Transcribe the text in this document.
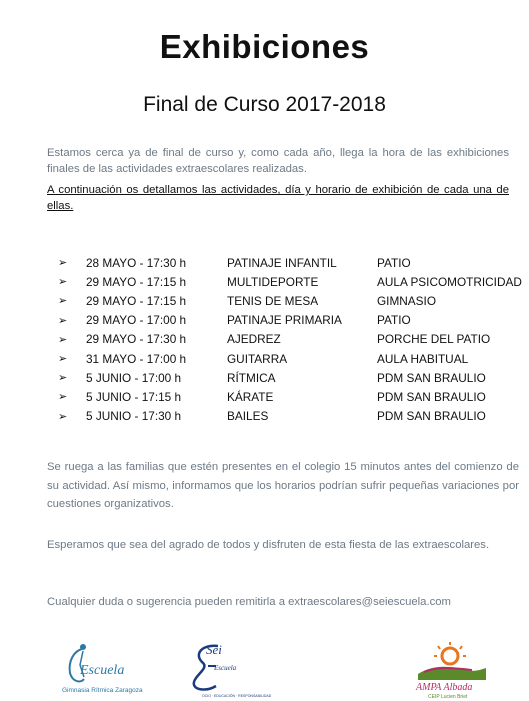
Exhibiciones
Final de Curso 2017-2018
Estamos cerca ya de final de curso y, como cada año, llega la hora de las exhibiciones finales de las actividades extraescolares realizadas.
A continuación os detallamos las actividades, día y horario de exhibición de cada una de ellas.
➢	28 MAYO - 17:30 h	PATINAJE INFANTIL	PATIO
➢	29 MAYO - 17:15 h	MULTIDEPORTE	AULA PSICOMOTRICIDAD
➢	29 MAYO - 17:15 h	TENIS DE MESA	GIMNASIO
➢	29 MAYO - 17:00 h	PATINAJE PRIMARIA	PATIO
➢	29 MAYO - 17:30 h	AJEDREZ	PORCHE DEL PATIO
➢	31 MAYO - 17:00 h	GUITARRA	AULA HABITUAL
➢	5 JUNIO - 17:00 h	RÍTMICA	PDM SAN BRAULIO
➢	5 JUNIO - 17:15 h	KÁRATE	PDM SAN BRAULIO
➢	5 JUNIO - 17:30 h	BAILES	PDM SAN BRAULIO
Se ruega a las familias que estén presentes en el colegio 15 minutos antes del comienzo de su actividad. Así mismo, informamos que los horarios podrían sufrir pequeñas variaciones por cuestiones organizativos.
Esperamos que sea del agrado de todos y disfruten de esta fiesta de las extraescolares.
Cualquier duda o sugerencia pueden remitirla a extraescolares@seiescuela.com
Escuela
Gimnasia Rítmica Zaragoza
Sei
Escuela
OCIO · EDUCACIÓN · RESPONSABILIDAD
AMPA Albada
CEIP Lucien Briet
